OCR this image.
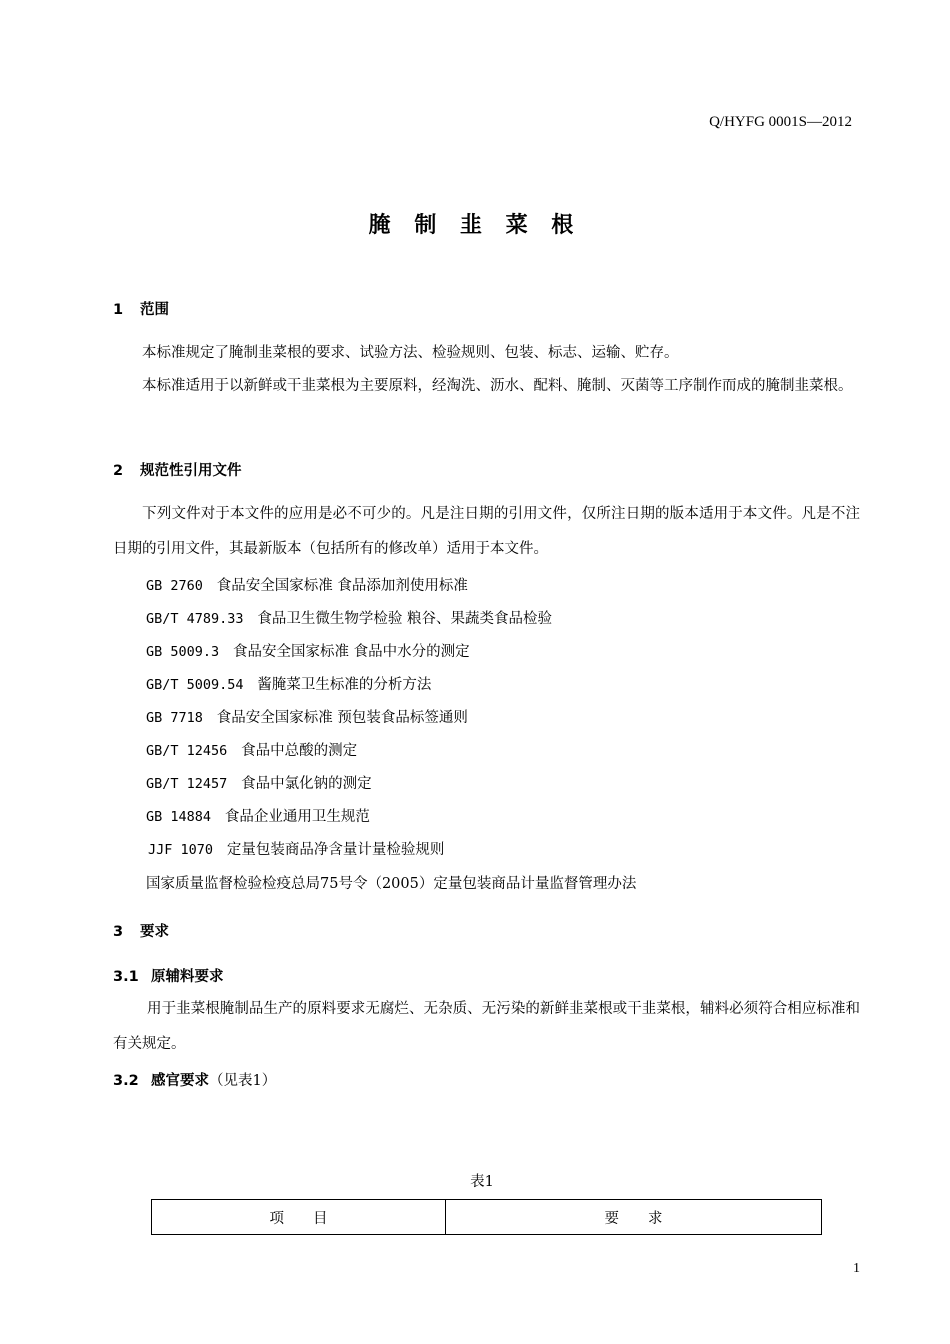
Q/HYFG 0001S—2012
腌 制 韭 菜 根
1 范围
本标准规定了腌制韭菜根的要求、试验方法、检验规则、包装、标志、运输、贮存。
本标准适用于以新鲜或干韭菜根为主要原料，经淘洗、沥水、配料、腌制、灭菌等工序制作而成的腌制韭菜根。
2 规范性引用文件
下列文件对于本文件的应用是必不可少的。凡是注日期的引用文件，仅所注日期的版本适用于本文件。凡是不注日期的引用文件，其最新版本（包括所有的修改单）适用于本文件。
GB 2760 食品安全国家标准 食品添加剂使用标准
GB/T 4789.33 食品卫生微生物学检验 粮谷、果蔬类食品检验
GB 5009.3 食品安全国家标准 食品中水分的测定
GB/T 5009.54 酱腌菜卫生标准的分析方法
GB 7718 食品安全国家标准 预包装食品标签通则
GB/T 12456 食品中总酸的测定
GB/T 12457 食品中氯化钠的测定
GB 14884 食品企业通用卫生规范
JJF 1070 定量包装商品净含量计量检验规则
国家质量监督检验检疫总局75号令（2005）定量包装商品计量监督管理办法
3 要求
3.1 原辅料要求
用于韭菜根腌制品生产的原料要求无腐烂、无杂质、无污染的新鲜韭菜根或干韭菜根，辅料必须符合相应标准和有关规定。
3.2 感官要求（见表1）
表1
项　　目	要　　求
1
